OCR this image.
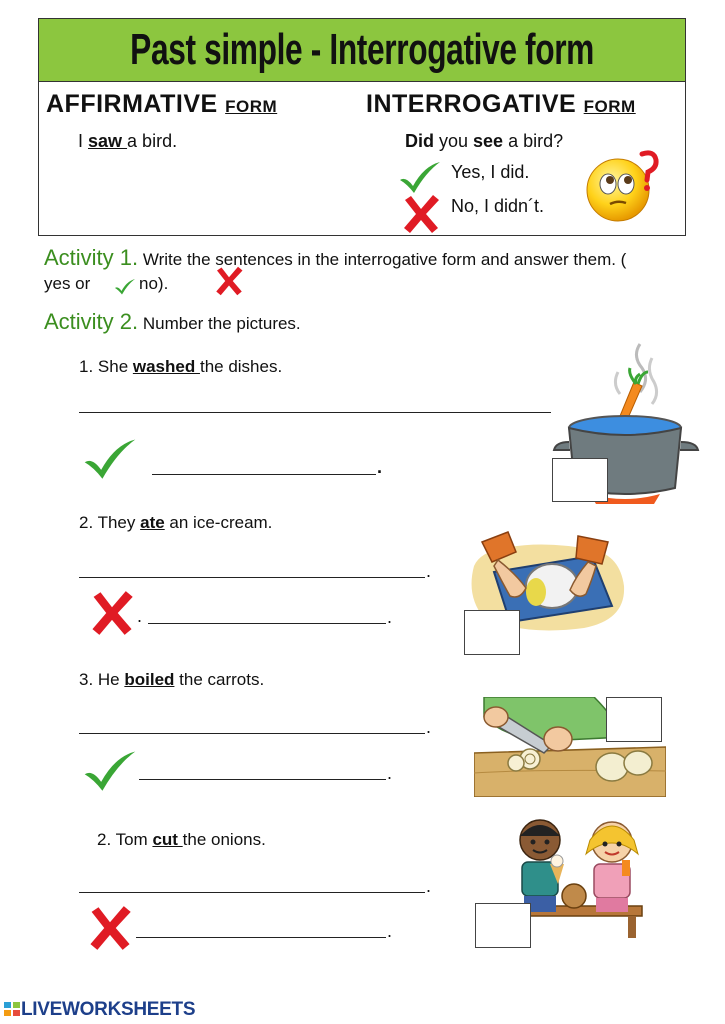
Past simple - Interrogative form
AFFIRMATIVE FORM	INTERROGATIVE FORM
I saw a bird.	Did you see a bird?
Yes, I did.
No, I didn´t.
Activity 1. Write the sentences in the interrogative form and answer them. (
yes or	no).
Activity 2. Number the pictures.
1. She washed the dishes.
.
2. They ate an ice-cream.
.
.	.
3. He boiled the carrots.
.
.
2. Tom cut the onions.
.
.
LIVEWORKSHEETS
